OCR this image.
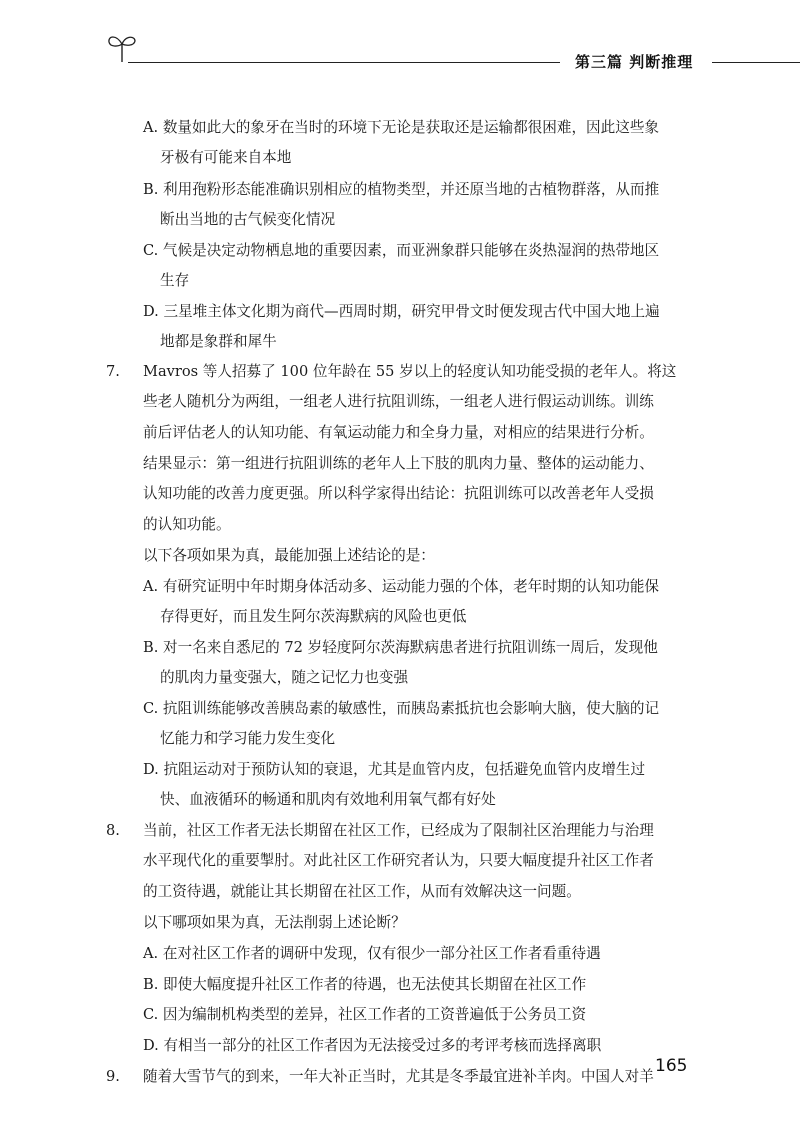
第三篇 判断推理
A. 数量如此大的象牙在当时的环境下无论是获取还是运输都很困难，因此这些象
牙极有可能来自本地
B. 利用孢粉形态能准确识别相应的植物类型，并还原当地的古植物群落，从而推
断出当地的古气候变化情况
C. 气候是决定动物栖息地的重要因素，而亚洲象群只能够在炎热湿润的热带地区
生存
D. 三星堆主体文化期为商代—西周时期，研究甲骨文时便发现古代中国大地上遍
地都是象群和犀牛
7. Mavros 等人招募了 100 位年龄在 55 岁以上的轻度认知功能受损的老年人。将这
些老人随机分为两组，一组老人进行抗阻训练，一组老人进行假运动训练。训练
前后评估老人的认知功能、有氧运动能力和全身力量，对相应的结果进行分析。
结果显示：第一组进行抗阻训练的老年人上下肢的肌肉力量、整体的运动能力、
认知功能的改善力度更强。所以科学家得出结论：抗阻训练可以改善老年人受损
的认知功能。
以下各项如果为真，最能加强上述结论的是：
A. 有研究证明中年时期身体活动多、运动能力强的个体，老年时期的认知功能保
存得更好，而且发生阿尔茨海默病的风险也更低
B. 对一名来自悉尼的 72 岁轻度阿尔茨海默病患者进行抗阻训练一周后，发现他
的肌肉力量变强大，随之记忆力也变强
C. 抗阻训练能够改善胰岛素的敏感性，而胰岛素抵抗也会影响大脑，使大脑的记
忆能力和学习能力发生变化
D. 抗阻运动对于预防认知的衰退，尤其是血管内皮，包括避免血管内皮增生过
快、血液循环的畅通和肌肉有效地利用氧气都有好处
8. 当前，社区工作者无法长期留在社区工作，已经成为了限制社区治理能力与治理
水平现代化的重要掣肘。对此社区工作研究者认为，只要大幅度提升社区工作者
的工资待遇，就能让其长期留在社区工作，从而有效解决这一问题。
以下哪项如果为真，无法削弱上述论断？
A. 在对社区工作者的调研中发现，仅有很少一部分社区工作者看重待遇
B. 即使大幅度提升社区工作者的待遇，也无法使其长期留在社区工作
C. 因为编制机构类型的差异，社区工作者的工资普遍低于公务员工资
D. 有相当一部分的社区工作者因为无法接受过多的考评考核而选择离职
9. 随着大雪节气的到来，一年大补正当时，尤其是冬季最宜进补羊肉。中国人对羊
165
